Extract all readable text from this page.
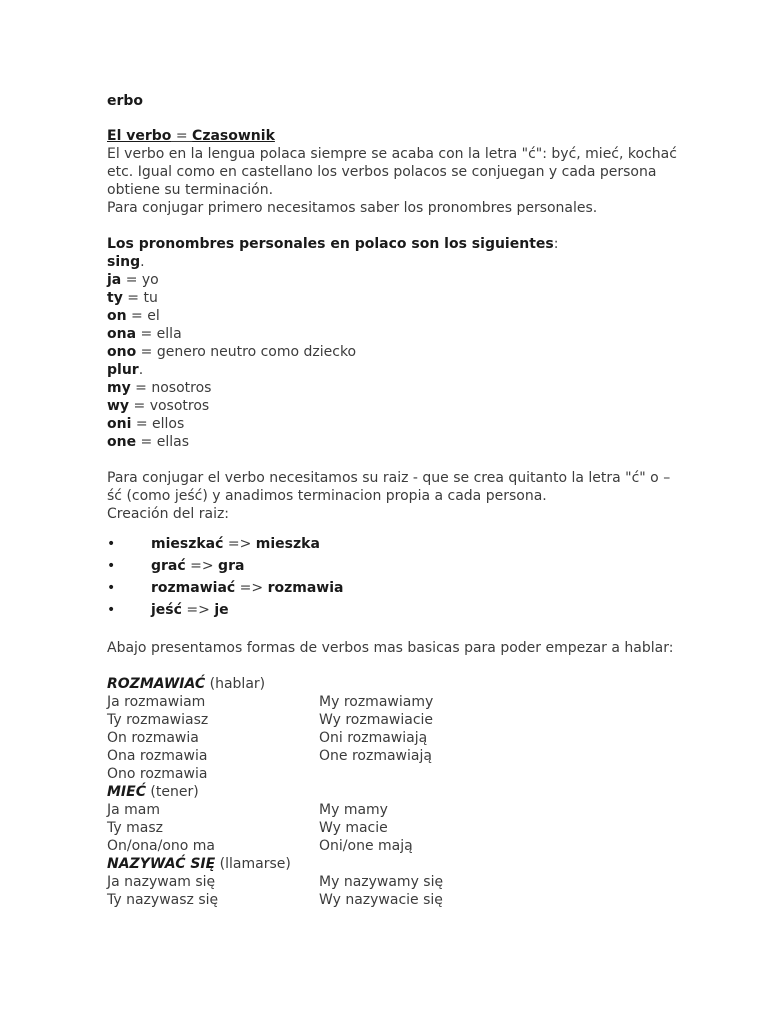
erbo
El verbo = Czasownik
El verbo en la lengua polaca siempre se acaba con la letra "ć": być, mieć, kochać
etc. Igual como en castellano los verbos polacos se conjuegan y cada persona
obtiene su terminación.
Para conjugar primero necesitamos saber los pronombres personales.
Los pronombres personales en polaco son los siguientes:
sing.
ja = yo
ty = tu
on = el
ona = ella
ono = genero neutro como dziecko
plur.
my = nosotros
wy = vosotros
oni = ellos
one = ellas
Para conjugar el verbo necesitamos su raiz - que se crea quitanto la letra "ć" o –
ść (como jeść) y anadimos terminacion propia a cada persona.
Creación del raiz:
•	mieszkać => mieszka
•	grać => gra
•	rozmawiać => rozmawia
•	jeść => je
Abajo presentamos formas de verbos mas basicas para poder empezar a hablar:
ROZMAWIAĆ (hablar)
Ja rozmawiam	My rozmawiamy
Ty rozmawiasz	Wy rozmawiacie
On rozmawia	Oni rozmawiają
Ona rozmawia	One rozmawiają
Ono rozmawia
MIEĆ (tener)
Ja mam	My mamy
Ty masz	Wy macie
On/ona/ono ma	Oni/one mają
NAZYWAĆ SIĘ (llamarse)
Ja nazywam się	My nazywamy się
Ty nazywasz się	Wy nazywacie się
